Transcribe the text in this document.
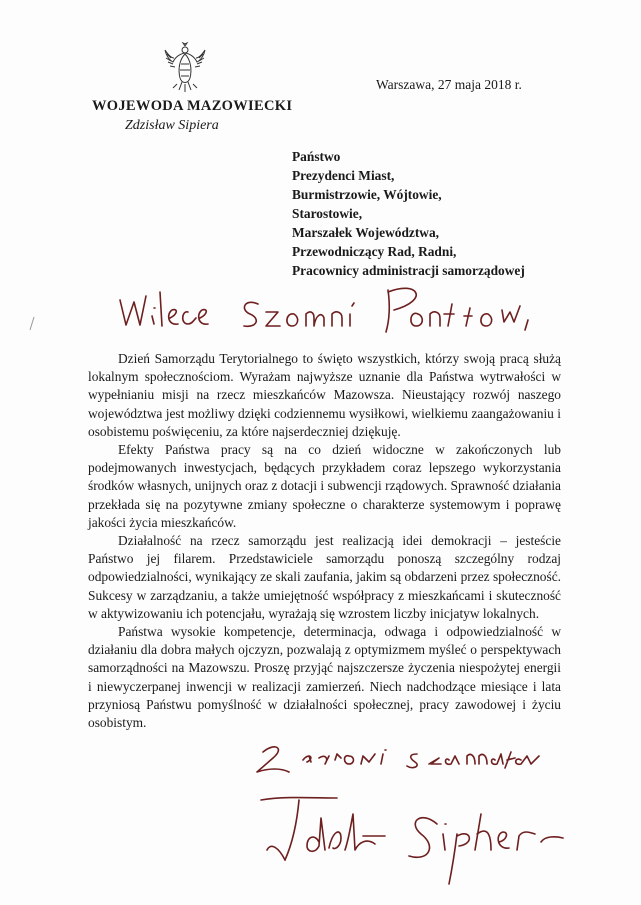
Warszawa, 27 maja 2018 r.
WOJEWODA MAZOWIECKI
Zdzisław Sipiera
Państwo
Prezydenci Miast,
Burmistrzowie, Wójtowie,
Starostowie,
Marszałek Województwa,
Przewodniczący Rad, Radni,
Pracownicy administracji samorządowej

Dzień Samorządu Terytorialnego to święto wszystkich, którzy swoją pracą służą lokalnym społecznościom. Wyrażam najwyższe uznanie dla Państwa wytrwałości w wypełnianiu misji na rzecz mieszkańców Mazowsza. Nieustający rozwój naszego województwa jest możliwy dzięki codziennemu wysiłkowi, wielkiemu zaangażowaniu i osobistemu poświęceniu, za które najserdeczniej dziękuję.

Efekty Państwa pracy są na co dzień widoczne w zakończonych lub podejmowanych inwestycjach, będących przykładem coraz lepszego wykorzystania środków własnych, unijnych oraz z dotacji i subwencji rządowych. Sprawność działania przekłada się na pozytywne zmiany społeczne o charakterze systemowym i poprawę jakości życia mieszkańców.

Działalność na rzecz samorządu jest realizacją idei demokracji – jesteście Państwo jej filarem. Przedstawiciele samorządu ponoszą szczególny rodzaj odpowiedzialności, wynikający ze skali zaufania, jakim są obdarzeni przez społeczność. Sukcesy w zarządzaniu, a także umiejętność współpracy z mieszkańcami i skuteczność w aktywizowaniu ich potencjału, wyrażają się wzrostem liczby inicjatyw lokalnych.

Państwa wysokie kompetencje, determinacja, odwaga i odpowiedzialność w działaniu dla dobra małych ojczyzn, pozwalają z optymizmem myśleć o perspektywach samorządności na Mazowszu. Proszę przyjąć najszczersze życzenia niespożytej energii i niewyczerpanej inwencji w realizacji zamierzeń. Niech nadchodzące miesiące i lata przyniosą Państwu pomyślność w działalności społecznej, pracy zawodowej i życiu osobistym.
